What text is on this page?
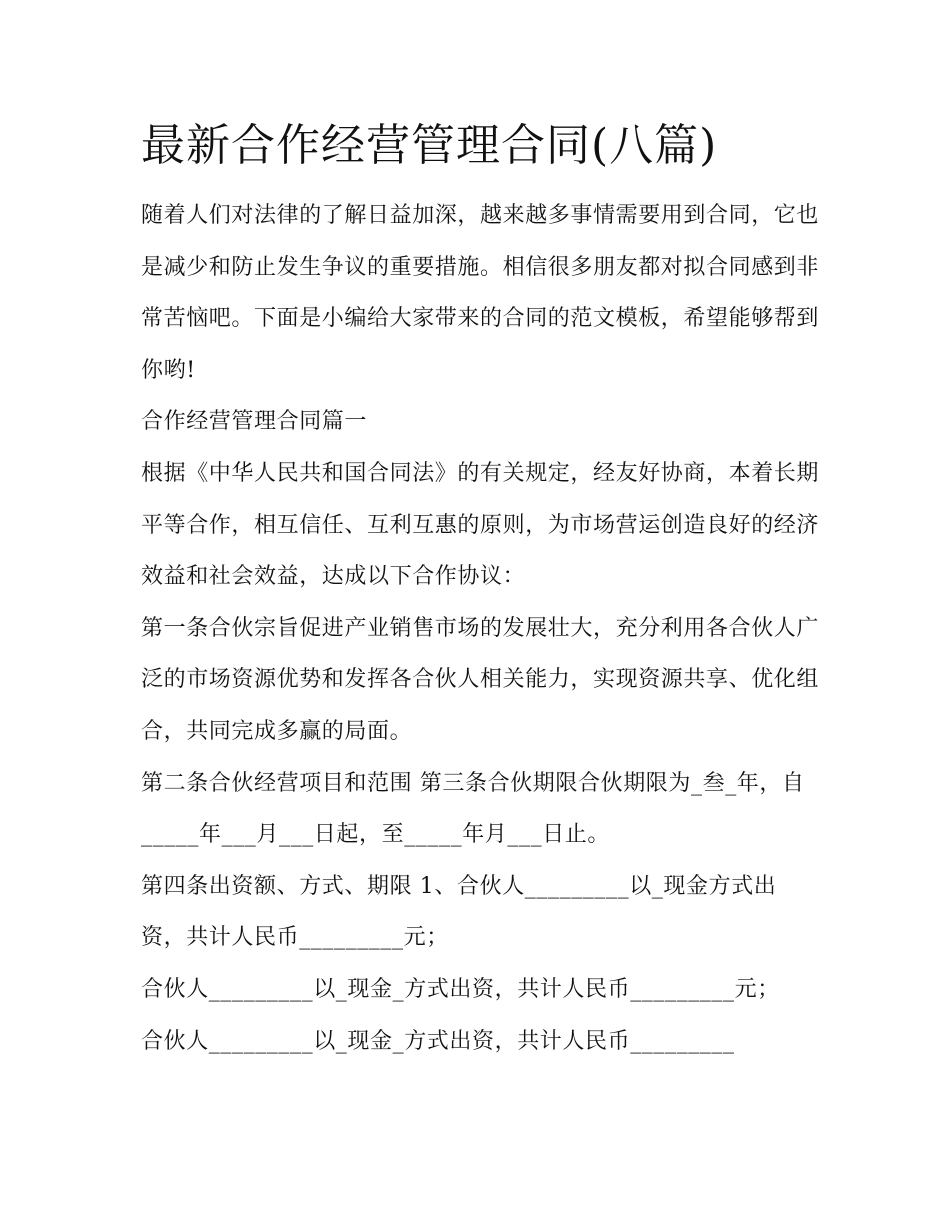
最新合作经营管理合同(八篇)

随着人们对法律的了解日益加深，越来越多事情需要用到合同，它也是减少和防止发生争议的重要措施。相信很多朋友都对拟合同感到非常苦恼吧。下面是小编给大家带来的合同的范文模板，希望能够帮到你哟!

合作经营管理合同篇一

根据《中华人民共和国合同法》的有关规定，经友好协商，本着长期平等合作，相互信任、互利互惠的原则，为市场营运创造良好的经济效益和社会效益，达成以下合作协议：

第一条合伙宗旨促进产业销售市场的发展壮大，充分利用各合伙人广泛的市场资源优势和发挥各合伙人相关能力，实现资源共享、优化组合，共同完成多赢的局面。

第二条合伙经营项目和范围 第三条合伙期限合伙期限为_叁_年，自_____年___月___日起，至_____年月___日止。

第四条出资额、方式、期限 1、合伙人_________以_现金方式出资，共计人民币_________元；

合伙人_________以_现金_方式出资，共计人民币_________元；

合伙人_________以_现金_方式出资，共计人民币_________
